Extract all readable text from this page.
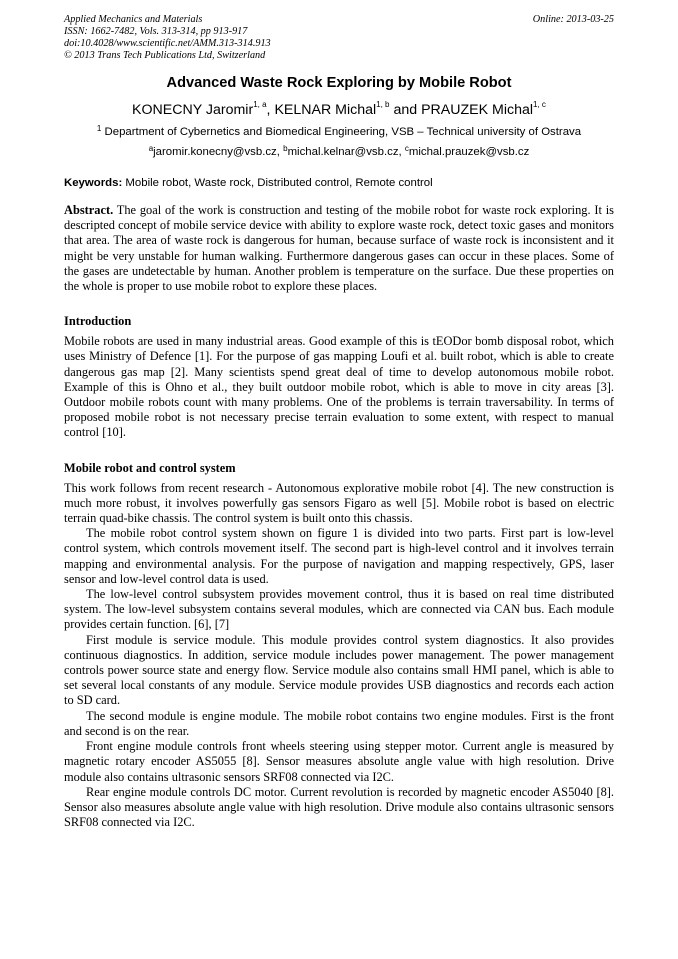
Applied Mechanics and Materials
ISSN: 1662-7482, Vols. 313-314, pp 913-917
doi:10.4028/www.scientific.net/AMM.313-314.913
© 2013 Trans Tech Publications Ltd, Switzerland
Online: 2013-03-25
Advanced Waste Rock Exploring by Mobile Robot
KONECNY Jaromir$^{1, a}$, KELNAR Michal$^{1, b}$ and PRAUZEK Michal$^{1, c}$
$^1$ Department of Cybernetics and Biomedical Engineering, VSB – Technical university of Ostrava
$^a$jaromir.konecny@vsb.cz, $^b$michal.kelnar@vsb.cz, $^c$michal.prauzek@vsb.cz
Keywords: Mobile robot, Waste rock, Distributed control, Remote control

Abstract. The goal of the work is construction and testing of the mobile robot for waste rock exploring. It is descripted concept of mobile service device with ability to explore waste rock, detect toxic gases and monitors that area. The area of waste rock is dangerous for human, because surface of waste rock is inconsistent and it might be very unstable for human walking. Furthermore dangerous gases can occur in these places. Some of the gases are undetectable by human. Another problem is temperature on the surface. Due these properties on the whole is proper to use mobile robot to explore these places.

Introduction

Mobile robots are used in many industrial areas. Good example of this is tEODor bomb disposal robot, which uses Ministry of Defence [1]. For the purpose of gas mapping Loufi et al. built robot, which is able to create dangerous gas map [2]. Many scientists spend great deal of time to develop autonomous mobile robot. Example of this is Ohno et al., they built outdoor mobile robot, which is able to move in city areas [3]. Outdoor mobile robots count with many problems. One of the problems is terrain traversability. In terms of proposed mobile robot is not necessary precise terrain evaluation to some extent, with respect to manual control [10].

Mobile robot and control system

This work follows from recent research - Autonomous explorative mobile robot [4]. The new construction is much more robust, it involves powerfully gas sensors Figaro as well [5]. Mobile robot is based on electric terrain quad-bike chassis. The control system is built onto this chassis.

The mobile robot control system shown on figure 1 is divided into two parts. First part is low-level control system, which controls movement itself. The second part is high-level control and it involves terrain mapping and environmental analysis. For the purpose of navigation and mapping respectively, GPS, laser sensor and low-level control data is used.

The low-level control subsystem provides movement control, thus it is based on real time distributed system. The low-level subsystem contains several modules, which are connected via CAN bus. Each module provides certain function. [6], [7]

First module is service module. This module provides control system diagnostics. It also provides continuous diagnostics. In addition, service module includes power management. The power management controls power source state and energy flow. Service module also contains small HMI panel, which is able to set several local constants of any module. Service module provides USB diagnostics and records each action to SD card.

The second module is engine module. The mobile robot contains two engine modules. First is the front and second is on the rear.

Front engine module controls front wheels steering using stepper motor. Current angle is measured by magnetic rotary encoder AS5055 [8]. Sensor measures absolute angle value with high resolution. Drive module also contains ultrasonic sensors SRF08 connected via I2C.

Rear engine module controls DC motor. Current revolution is recorded by magnetic encoder AS5040 [8]. Sensor also measures absolute angle value with high resolution. Drive module also contains ultrasonic sensors SRF08 connected via I2C.
